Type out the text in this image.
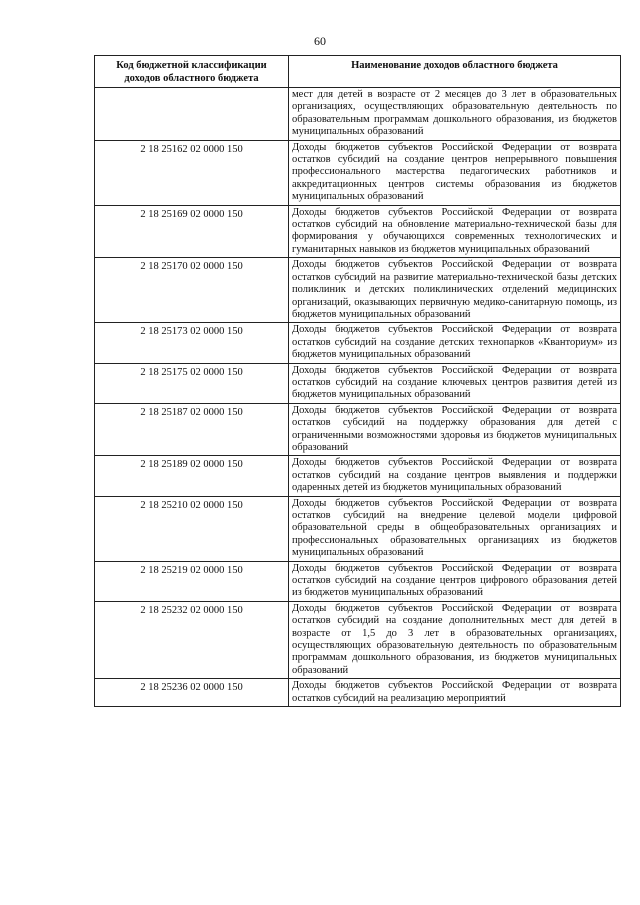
60
Код бюджетной классификации доходов областного бюджета	Наименование доходов областного бюджета
	мест для детей в возрасте от 2 месяцев до 3 лет в образовательных организациях, осуществляющих образовательную деятельность по образовательным программам дошкольного образования, из бюджетов муниципальных образований
2 18 25162 02 0000 150	Доходы бюджетов субъектов Российской Федерации от возврата остатков субсидий на создание центров непрерывного повышения профессионального мастерства педагогических работников и аккредитационных центров системы образования из бюджетов муниципальных образований
2 18 25169 02 0000 150	Доходы бюджетов субъектов Российской Федерации от возврата остатков субсидий на обновление материально-технической базы для формирования у обучающихся современных технологических и гуманитарных навыков из бюджетов муниципальных образований
2 18 25170 02 0000 150	Доходы бюджетов субъектов Российской Федерации от возврата остатков субсидий на развитие материально-технической базы детских поликлиник и детских поликлинических отделений медицинских организаций, оказывающих первичную медико-санитарную помощь, из бюджетов муниципальных образований
2 18 25173 02 0000 150	Доходы бюджетов субъектов Российской Федерации от возврата остатков субсидий на создание детских технопарков «Кванториум» из бюджетов муниципальных образований
2 18 25175 02 0000 150	Доходы бюджетов субъектов Российской Федерации от возврата остатков субсидий на создание ключевых центров развития детей из бюджетов муниципальных образований
2 18 25187 02 0000 150	Доходы бюджетов субъектов Российской Федерации от возврата остатков субсидий на поддержку образования для детей с ограниченными возможностями здоровья из бюджетов муниципальных образований
2 18 25189 02 0000 150	Доходы бюджетов субъектов Российской Федерации от возврата остатков субсидий на создание центров выявления и поддержки одаренных детей из бюджетов муниципальных образований
2 18 25210 02 0000 150	Доходы бюджетов субъектов Российской Федерации от возврата остатков субсидий на внедрение целевой модели цифровой образовательной среды в общеобразовательных организациях и профессиональных образовательных организациях из бюджетов муниципальных образований
2 18 25219 02 0000 150	Доходы бюджетов субъектов Российской Федерации от возврата остатков субсидий на создание центров цифрового образования детей из бюджетов муниципальных образований
2 18 25232 02 0000 150	Доходы бюджетов субъектов Российской Федерации от возврата остатков субсидий на создание дополнительных мест для детей в возрасте от 1,5 до 3 лет в образовательных организациях, осуществляющих образовательную деятельность по образовательным программам дошкольного образования, из бюджетов муниципальных образований
2 18 25236 02 0000 150	Доходы бюджетов субъектов Российской Федерации от возврата остатков субсидий на реализацию мероприятий
